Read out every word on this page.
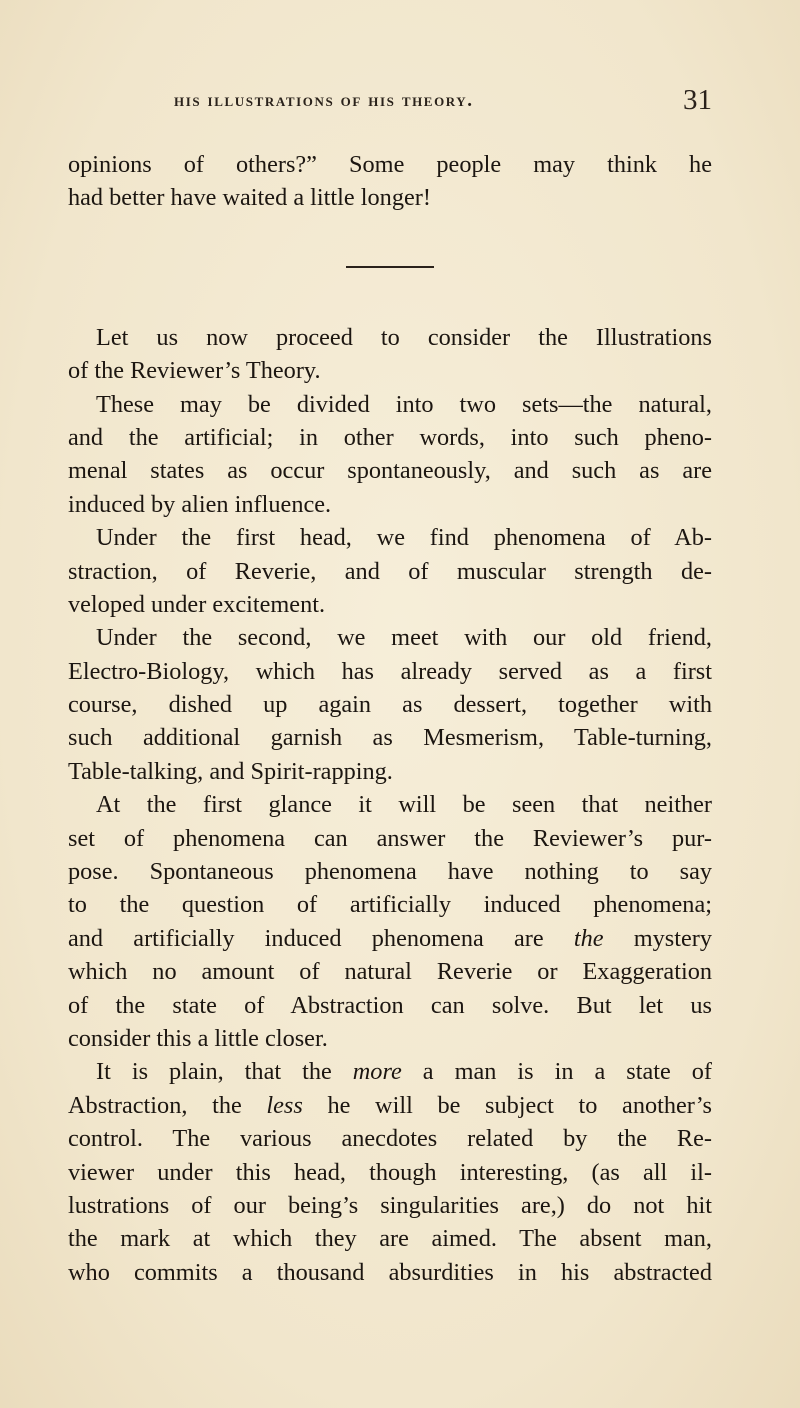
his illustrations of his theory.	31
opinions of others?” Some people may think he
had better have waited a little longer!
Let us now proceed to consider the Illustrations
of the Reviewer’s Theory.
These may be divided into two sets—the natural,
and the artificial; in other words, into such pheno-
menal states as occur spontaneously, and such as are
induced by alien influence.
Under the first head, we find phenomena of Ab-
straction, of Reverie, and of muscular strength de-
veloped under excitement.
Under the second, we meet with our old friend,
Electro-Biology, which has already served as a first
course, dished up again as dessert, together with
such additional garnish as Mesmerism, Table-turning,
Table-talking, and Spirit-rapping.
At the first glance it will be seen that neither
set of phenomena can answer the Reviewer’s pur-
pose. Spontaneous phenomena have nothing to say
to the question of artificially induced phenomena;
and artificially induced phenomena are the mystery
which no amount of natural Reverie or Exaggeration
of the state of Abstraction can solve. But let us
consider this a little closer.
It is plain, that the more a man is in a state of
Abstraction, the less he will be subject to another’s
control. The various anecdotes related by the Re-
viewer under this head, though interesting, (as all il-
lustrations of our being’s singularities are,) do not hit
the mark at which they are aimed. The absent man,
who commits a thousand absurdities in his abstracted
